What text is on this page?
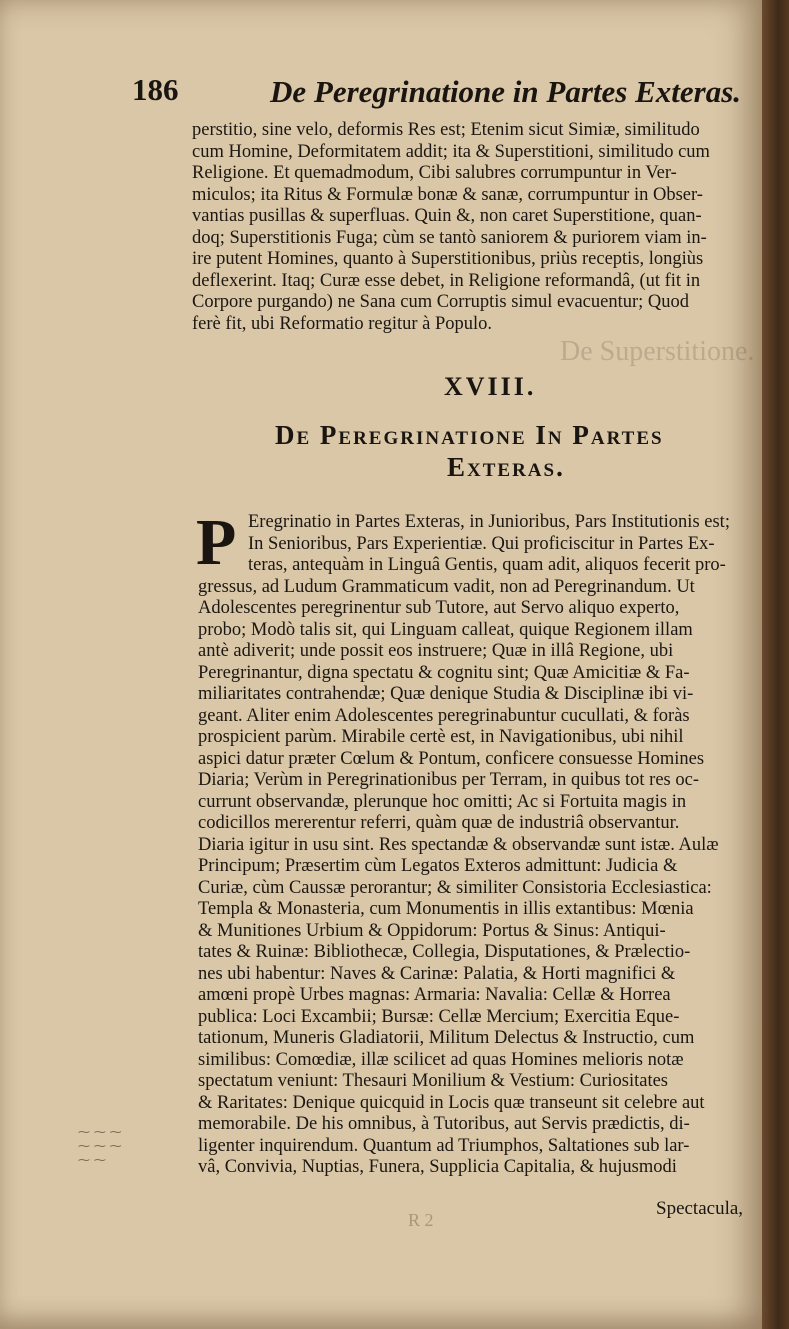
De Superstitione.
186	De Peregrinatione in Partes Exteras.
perstitio, sine velo, deformis Res est; Etenim sicut Simiæ, similitudo
cum Homine, Deformitatem addit; ita & Superstitioni, similitudo cum
Religione. Et quemadmodum, Cibi salubres corrumpuntur in Ver-
miculos; ita Ritus & Formulæ bonæ & sanæ, corrumpuntur in Obser-
vantias pusillas & superfluas. Quin &, non caret Superstitione, quan-
doq; Superstitionis Fuga; cùm se tantò saniorem & puriorem viam in-
ire putent Homines, quanto à Superstitionibus, priùs receptis, longiùs
deflexerint. Itaq; Curæ esse debet, in Religione reformandâ, (ut fit in
Corpore purgando) ne Sana cum Corruptis simul evacuentur; Quod
ferè fit, ubi Reformatio regitur à Populo.
XVIII.
De Peregrinatione In Partes
Exteras.
P Eregrinatio in Partes Exteras, in Junioribus, Pars Institutionis est;
In Senioribus, Pars Experientiæ. Qui proficiscitur in Partes Ex-
teras, antequàm in Linguâ Gentis, quam adit, aliquos fecerit pro-
gressus, ad Ludum Grammaticum vadit, non ad Peregrinandum. Ut
Adolescentes peregrinentur sub Tutore, aut Servo aliquo experto,
probo; Modò talis sit, qui Linguam calleat, quique Regionem illam
antè adiverit; unde possit eos instruere; Quæ in illâ Regione, ubi
Peregrinantur, digna spectatu & cognitu sint; Quæ Amicitiæ & Fa-
miliaritates contrahendæ; Quæ denique Studia & Disciplinæ ibi vi-
geant. Aliter enim Adolescentes peregrinabuntur cucullati, & foràs
prospicient parùm. Mirabile certè est, in Navigationibus, ubi nihil
aspici datur præter Cœlum & Pontum, conficere consuesse Homines
Diaria; Verùm in Peregrinationibus per Terram, in quibus tot res oc-
currunt observandæ, plerunque hoc omitti; Ac si Fortuita magis in
codicillos mererentur referri, quàm quæ de industriâ observantur.
Diaria igitur in usu sint. Res spectandæ & observandæ sunt istæ. Aulæ
Principum; Præsertim cùm Legatos Exteros admittunt: Judicia &
Curiæ, cùm Caussæ perorantur; & similiter Consistoria Ecclesiastica:
Templa & Monasteria, cum Monumentis in illis extantibus: Mœnia
& Munitiones Urbium & Oppidorum: Portus & Sinus: Antiqui-
tates & Ruinæ: Bibliothecæ, Collegia, Disputationes, & Prælectio-
nes ubi habentur: Naves & Carinæ: Palatia, & Horti magnifici &
amœni propè Urbes magnas: Armaria: Navalia: Cellæ & Horrea
publica: Loci Excambii; Bursæ: Cellæ Mercium; Exercitia Eque-
tationum, Muneris Gladiatorii, Militum Delectus & Instructio, cum
similibus: Comœdiæ, illæ scilicet ad quas Homines melioris notæ
spectatum veniunt: Thesauri Monilium & Vestium: Curiositates
& Raritates: Denique quicquid in Locis quæ transeunt sit celebre aut
memorabile. De his omnibus, à Tutoribus, aut Servis prædictis, di-
ligenter inquirendum. Quantum ad Triumphos, Saltationes sub lar-
vâ, Convivia, Nuptias, Funera, Supplicia Capitalia, & hujusmodi
⁓ ⁓ ⁓
⁓ ⁓ ⁓
⁓ ⁓
R 2
Spectacula,
